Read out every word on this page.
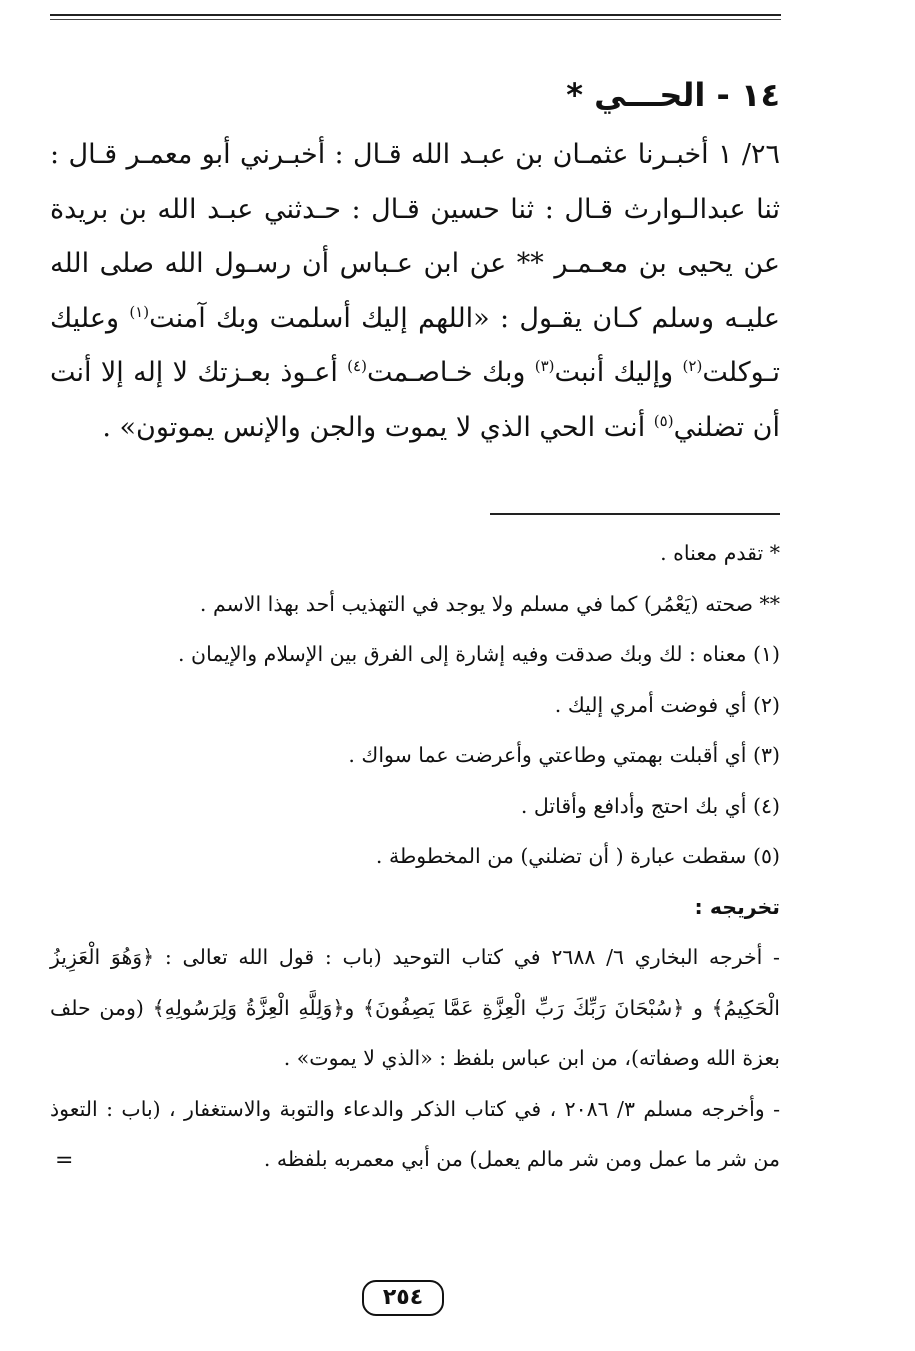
١٤ - الحـــي *
٢٦/ ١ أخبـرنا عثمـان بن عبـد الله قـال : أخبـرني أبو معمـر قـال : ثنا عبدالـوارث قـال : ثنا حسين قـال : حـدثني عبـد الله بن بريدة عن يحيى بن معـمـر ** عن ابن عـباس أن رسـول الله صلى الله عليـه وسلم كـان يقـول : «اللهم إليك أسلمت وبك آمنت$^{(١)}$ وعليك تـوكلت$^{(٢)}$ وإليك أنبت$^{(٣)}$ وبك خـاصـمت$^{(٤)}$ أعـوذ بعـزتك لا إله إلا أنت أن تضلني$^{(٥)}$ أنت الحي الذي لا يموت والجن والإنس يموتون» .
* تقدم معناه .
** صحته (يَعْمُر) كما في مسلم ولا يوجد في التهذيب أحد بهذا الاسم .
(١) معناه : لك وبك صدقت وفيه إشارة إلى الفرق بين الإسلام والإيمان .
(٢) أي فوضت أمري إليك .
(٣) أي أقبلت بهمتي وطاعتي وأعرضت عما سواك .
(٤) أي بك احتج وأدافع وأقاتل .
(٥) سقطت عبارة ( أن تضلني) من المخطوطة .
تخريجه :
- أخرجه البخاري ٦/ ٢٦٨٨ في كتاب التوحيد (باب : قول الله تعالى : ﴿وَهُوَ الْعَزِيزُ الْحَكِيمُ﴾ و ﴿سُبْحَانَ رَبِّكَ رَبِّ الْعِزَّةِ عَمَّا يَصِفُونَ﴾ و﴿وَلِلَّهِ الْعِزَّةُ وَلِرَسُولِهِ﴾ (ومن حلف بعزة الله وصفاته)، من ابن عباس بلفظ : «الذي لا يموت» .
- وأخرجه مسلم ٣/ ٢٠٨٦ ، في كتاب الذكر والدعاء والتوبة والاستغفار ، (باب : التعوذ من شر ما عمل ومن شر مالم يعمل) من أبي معمربه بلفظه .
=
٢٥٤
